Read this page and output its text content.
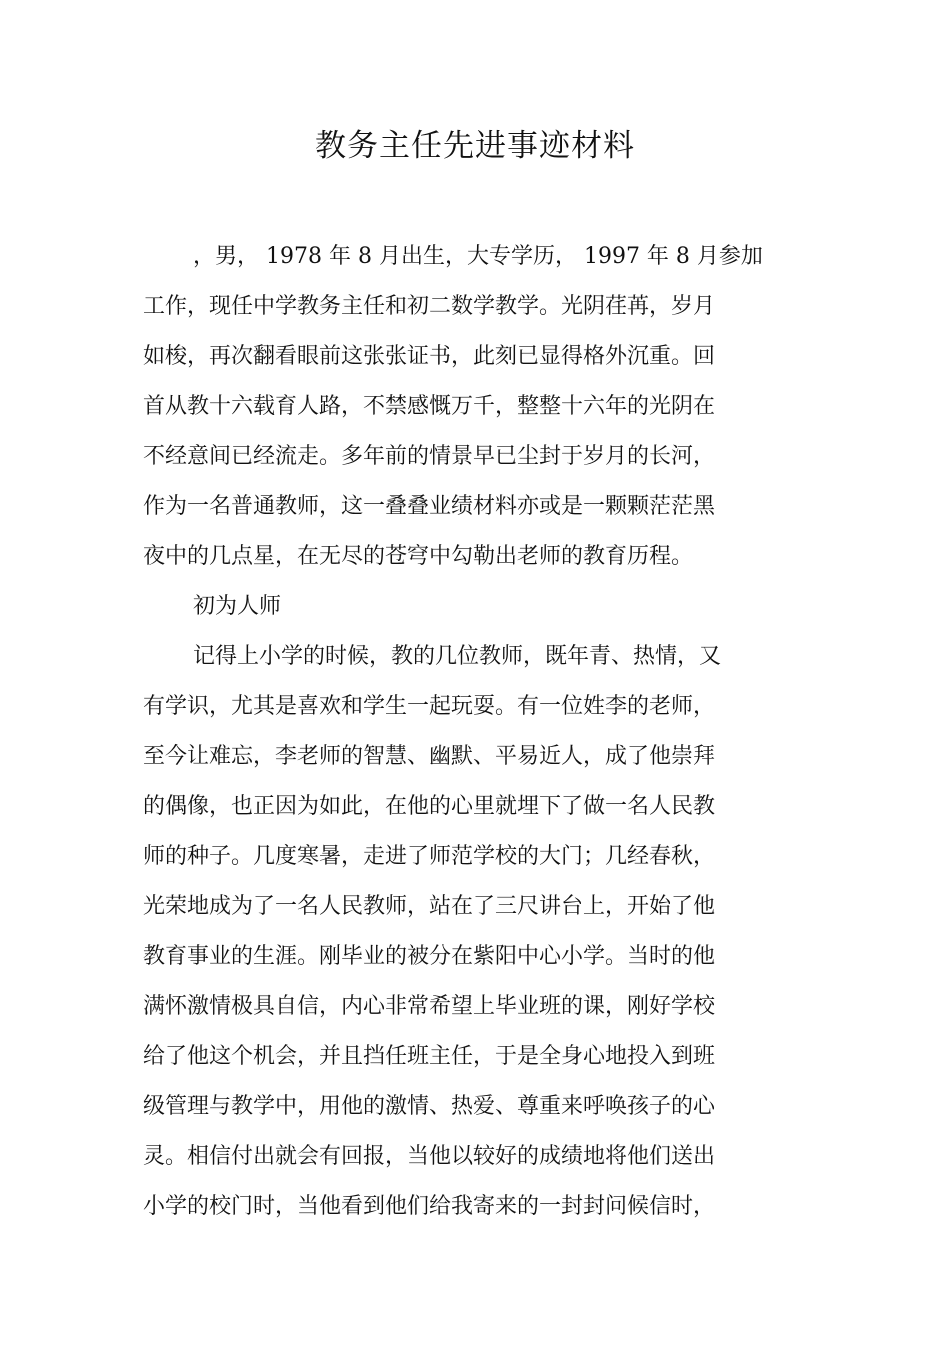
教务主任先进事迹材料

，男， 1978 年 8 月出生，大专学历， 1997 年 8 月参加

工作，现任中学教务主任和初二数学教学。光阴荏苒，岁月

如梭，再次翻看眼前这张张证书，此刻已显得格外沉重。回

首从教十六载育人路，不禁感慨万千，整整十六年的光阴在

不经意间已经流走。多年前的情景早已尘封于岁月的长河，

作为一名普通教师，这一叠叠业绩材料亦或是一颗颗茫茫黑

夜中的几点星，在无尽的苍穹中勾勒出老师的教育历程。

初为人师

记得上小学的时候，教的几位教师，既年青、热情，又

有学识，尤其是喜欢和学生一起玩耍。有一位姓李的老师，

至今让难忘，李老师的智慧、幽默、平易近人，成了他崇拜

的偶像，也正因为如此，在他的心里就埋下了做一名人民教

师的种子。几度寒暑，走进了师范学校的大门；几经春秋，

光荣地成为了一名人民教师，站在了三尺讲台上，开始了他

教育事业的生涯。刚毕业的被分在紫阳中心小学。当时的他

满怀激情极具自信，内心非常希望上毕业班的课，刚好学校

给了他这个机会，并且挡任班主任，于是全身心地投入到班

级管理与教学中，用他的激情、热爱、尊重来呼唤孩子的心

灵。相信付出就会有回报，当他以较好的成绩地将他们送出

小学的校门时，当他看到他们给我寄来的一封封问候信时，
